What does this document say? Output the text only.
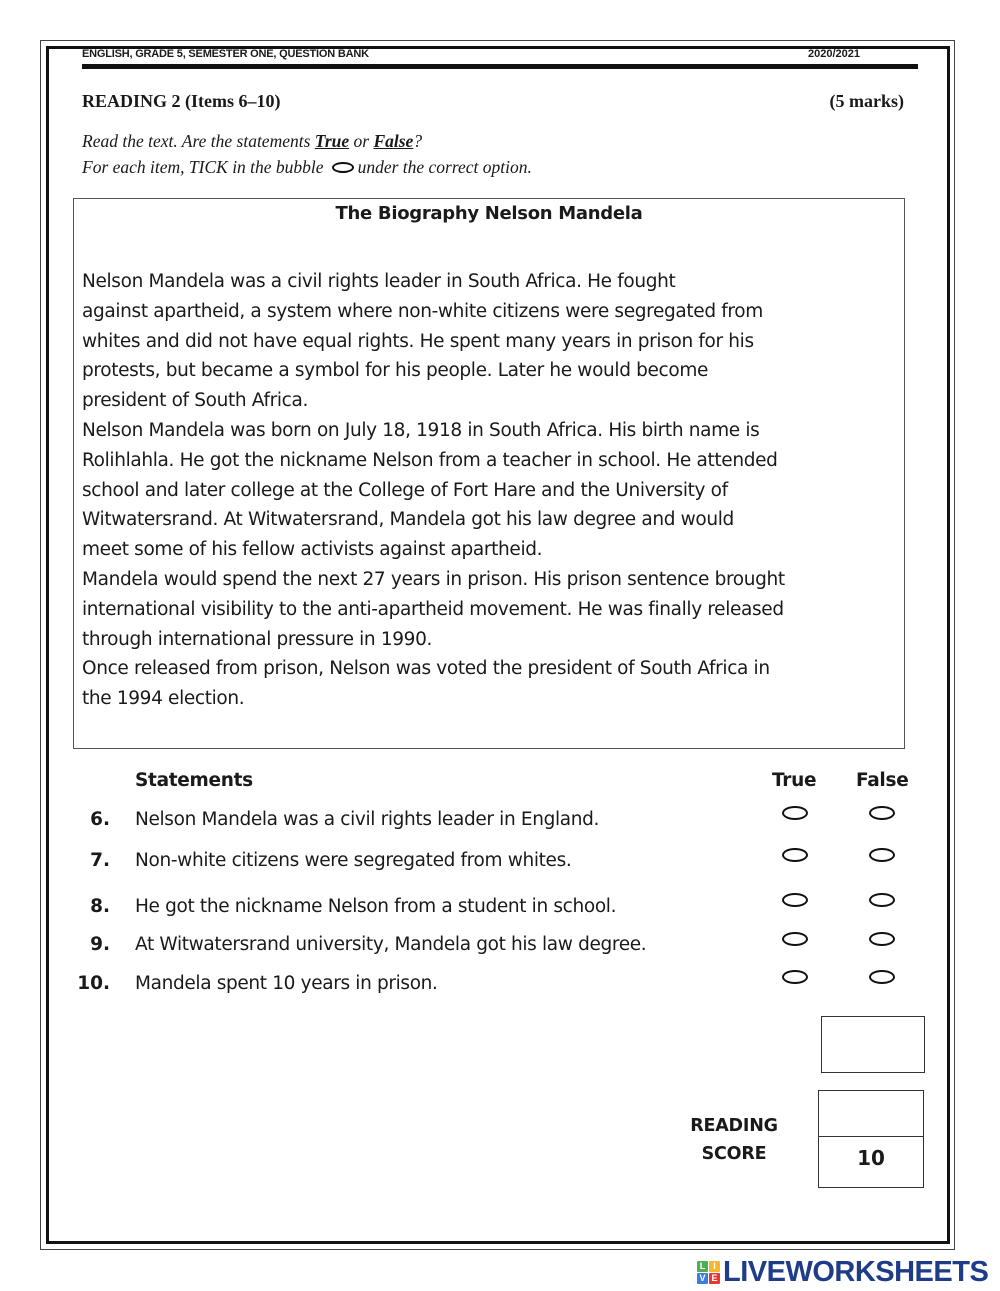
ENGLISH, GRADE 5, SEMESTER ONE, QUESTION BANK	2020/2021
READING 2 (Items 6–10)	(5 marks)
Read the text. Are the statements True or False?
For each item, TICK in the bubble under the correct option.
The Biography Nelson Mandela

Nelson Mandela was a civil rights leader in South Africa. He fought

against apartheid, a system where non-white citizens were segregated from

whites and did not have equal rights. He spent many years in prison for his

protests, but became a symbol for his people. Later he would become

president of South Africa.

Nelson Mandela was born on July 18, 1918 in South Africa. His birth name is

Rolihlahla. He got the nickname Nelson from a teacher in school. He attended

school and later college at the College of Fort Hare and the University of

Witwatersrand. At Witwatersrand, Mandela got his law degree and would

meet some of his fellow activists against apartheid.

Mandela would spend the next 27 years in prison. His prison sentence brought

international visibility to the anti-apartheid movement. He was finally released

through international pressure in 1990.

Once released from prison, Nelson was voted the president of South Africa in

the 1994 election.

Statements	True False
6. Nelson Mandela was a civil rights leader in England.
7. Non-white citizens were segregated from whites.
8. He got the nickname Nelson from a student in school.
9. At Witwatersrand university, Mandela got his law degree.
10. Mandela spent 10 years in prison.
READING
SCORE	10
L I
V E LIVEWORKSHEETS
